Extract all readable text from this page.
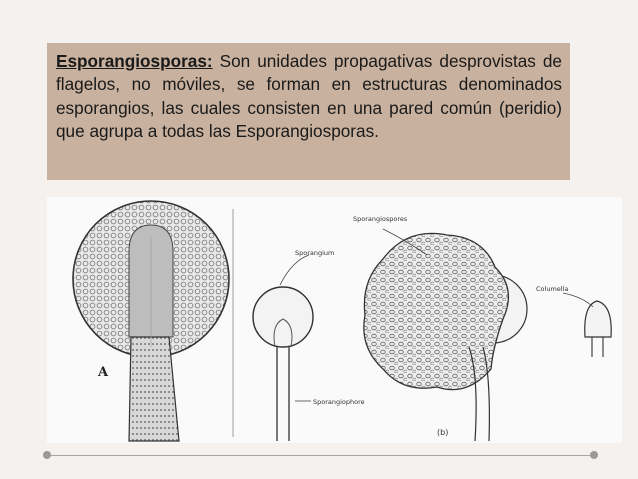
Esporangiosporas: Son unidades propagativas desprovistas de flagelos, no móviles, se forman en estructuras denominados esporangios, las cuales consisten en una pared común (peridio) que agrupa a todas las Esporangiosporas.
A
Sporangium
Sporangiospores
Sporangiophore
(b)
Columella
